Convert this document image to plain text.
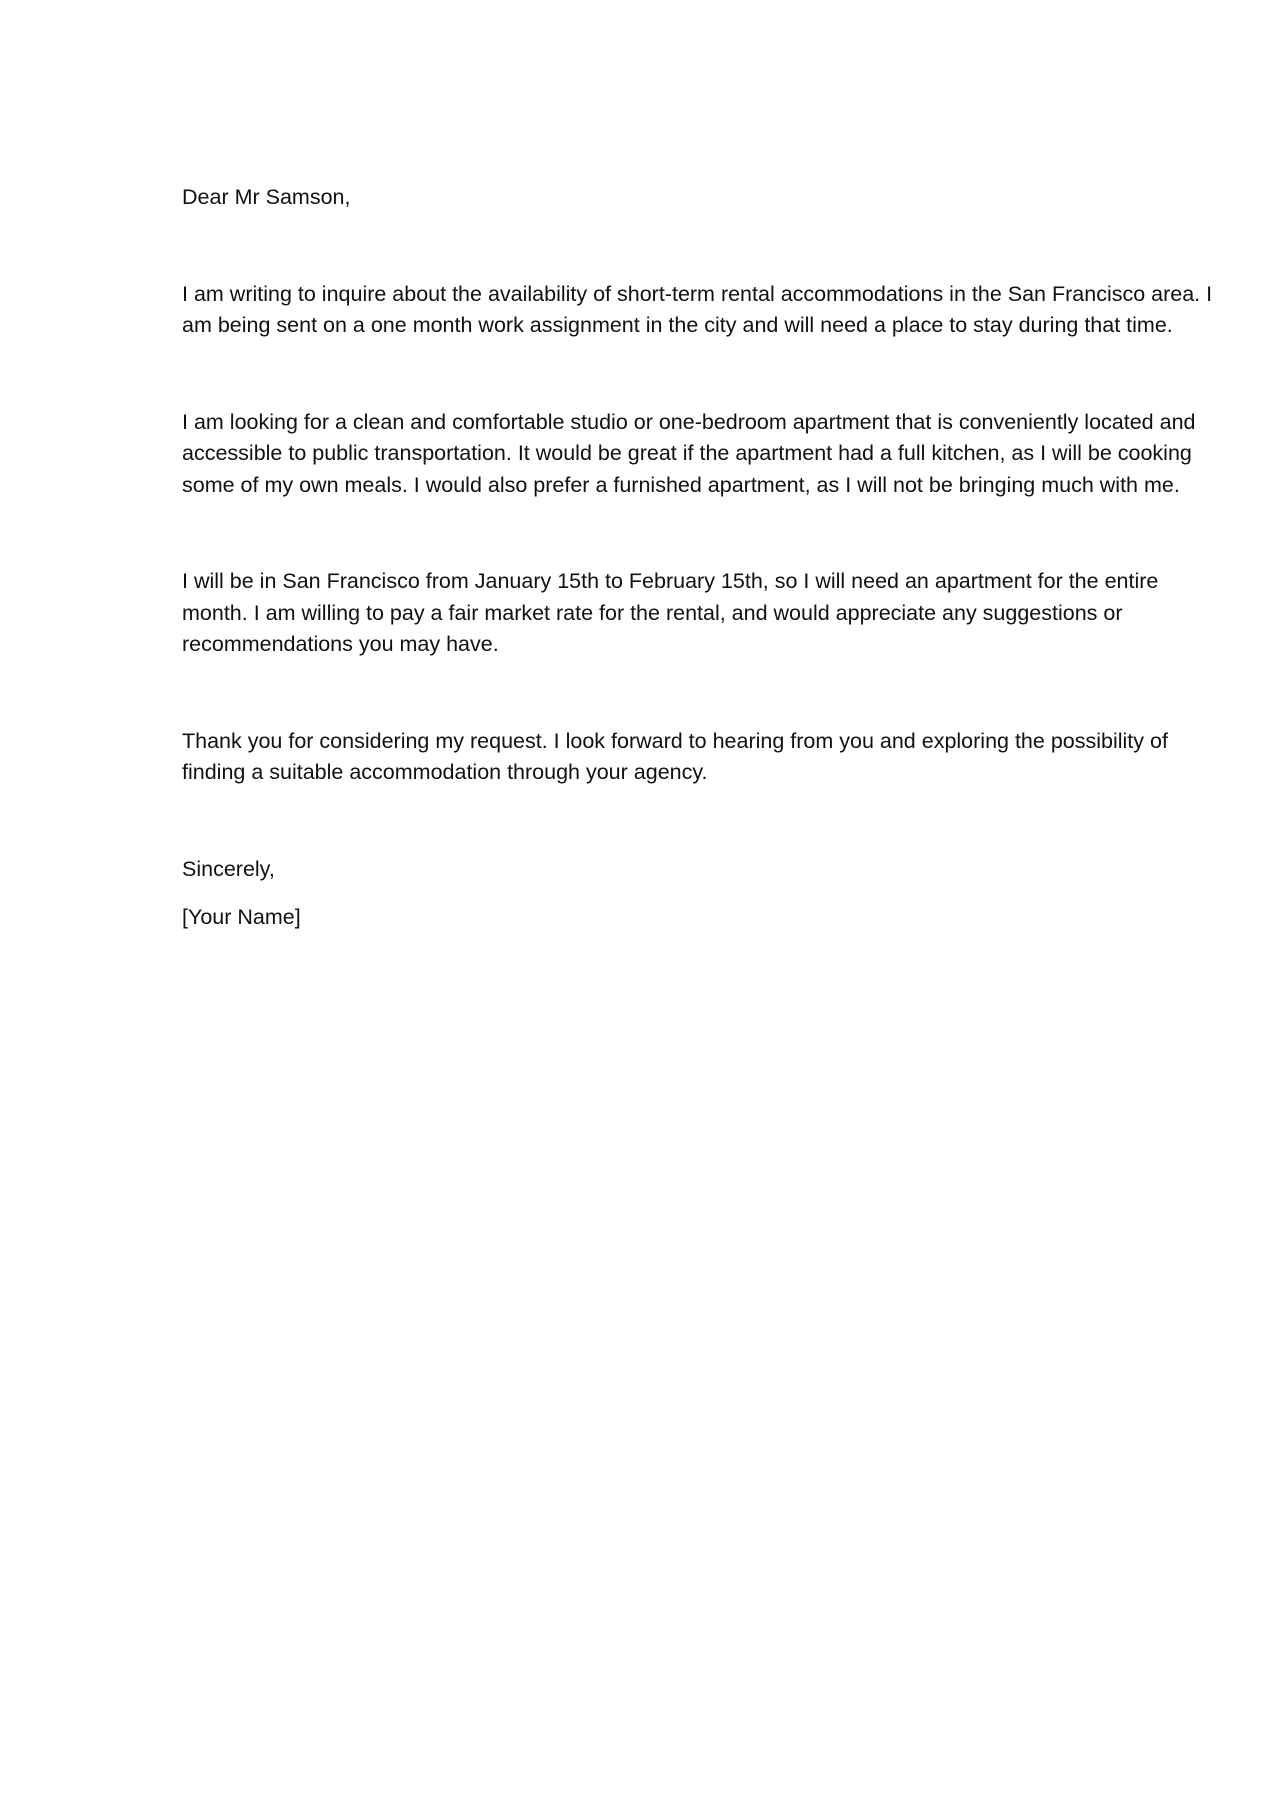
Dear Mr Samson,

I am writing to inquire about the availability of short-term rental accommodations in the San Francisco area. I am being sent on a one month work assignment in the city and will need a place to stay during that time.

I am looking for a clean and comfortable studio or one-bedroom apartment that is conveniently located and accessible to public transportation. It would be great if the apartment had a full kitchen, as I will be cooking some of my own meals. I would also prefer a furnished apartment, as I will not be bringing much with me.

I will be in San Francisco from January 15th to February 15th, so I will need an apartment for the entire month. I am willing to pay a fair market rate for the rental, and would appreciate any suggestions or recommendations you may have.

Thank you for considering my request. I look forward to hearing from you and exploring the possibility of finding a suitable accommodation through your agency.

Sincerely,

[Your Name]
